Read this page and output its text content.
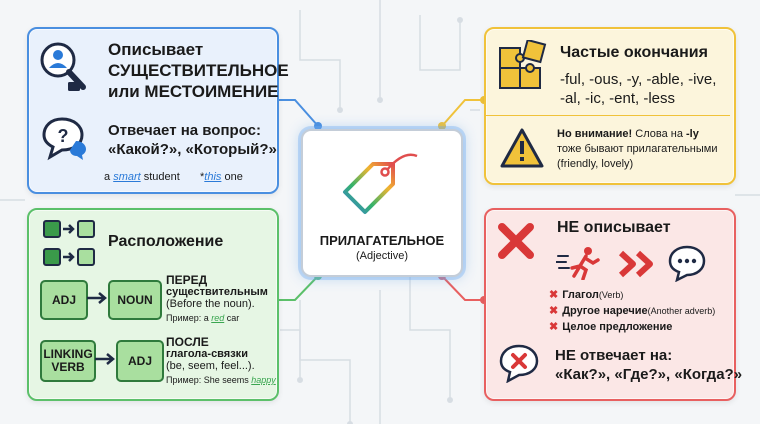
Описывает
СУЩЕСТВИТЕЛЬНОЕ
или МЕСТОИМЕНИЕ
?	Отвечает на вопрос:
«Какой?», «Который?»
a smart student *this one
Частые окончания
-ful, -ous, -y, -able, -ive,
-al, -ic, -ent, -less
Но внимание! Слова на -ly
тоже бывают прилагательными
(friendly, lovely)
ПРИЛАГАТЕЛЬНОЕ
(Adjective)
Расположение
ADJ	NOUN
ПЕРЕД
существительным
(Before the noun).
Пример: a red car
LINKING VERB	ADJ
ПОСЛЕ
глагола-связки
(be, seem, feel...).
Пример: She seems happy
НЕ описывает
✖ Глагол (Verb)
✖ Другое наречие (Another adverb)
✖ Целое предложение
НЕ отвечает на:
«Как?», «Где?», «Когда?»
